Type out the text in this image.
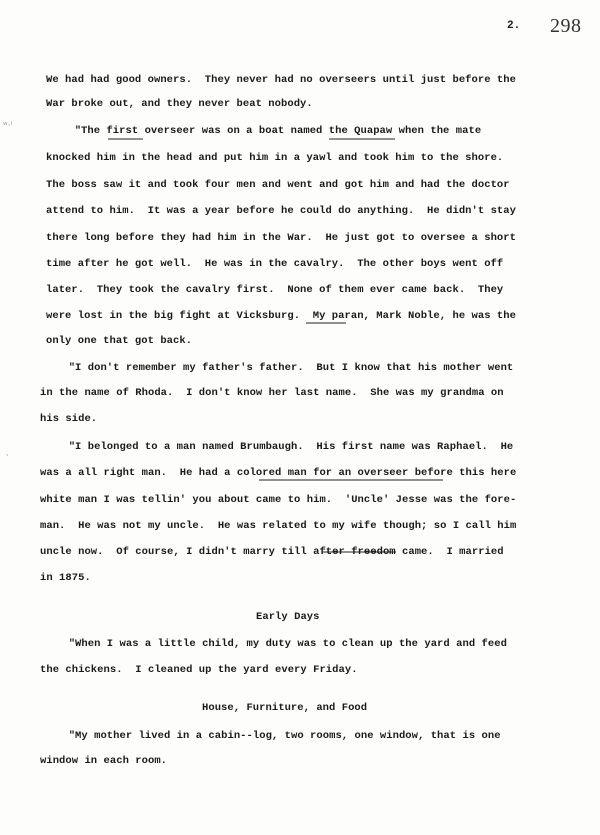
2. 298
ʷ·ˡ
ˑ
We had had good owners.  They never had no overseers until just before the
War broke out, and they never beat nobody.
"The first overseer was on a boat named the Quapaw when the mate
knocked him in the head and put him in a yawl and took him to the shore.
The boss saw it and took four men and went and got him and had the doctor
attend to him.  It was a year before he could do anything.  He didn't stay
there long before they had him in the War.  He just got to oversee a short
time after he got well.  He was in the cavalry.  The other boys went off
later.  They took the cavalry first.  None of them ever came back.  They
were lost in the big fight at Vicksburg.  My paran, Mark Noble, he was the
only one that got back.
"I don't remember my father's father.  But I know that his mother went
in the name of Rhoda.  I don't know her last name.  She was my grandma on
his side.
"I belonged to a man named Brumbaugh.  His first name was Raphael.  He
was a all right man.  He had a colored man for an overseer before this here
white man I was tellin' you about came to him.  'Uncle' Jesse was the fore-
man.  He was not my uncle.  He was related to my wife though; so I call him
uncle now.  Of course, I didn't marry till after freedom came.  I married
in 1875.
Early Days
"When I was a little child, my duty was to clean up the yard and feed
the chickens.  I cleaned up the yard every Friday.
House, Furniture, and Food
"My mother lived in a cabin--log, two rooms, one window, that is one
window in each room.
